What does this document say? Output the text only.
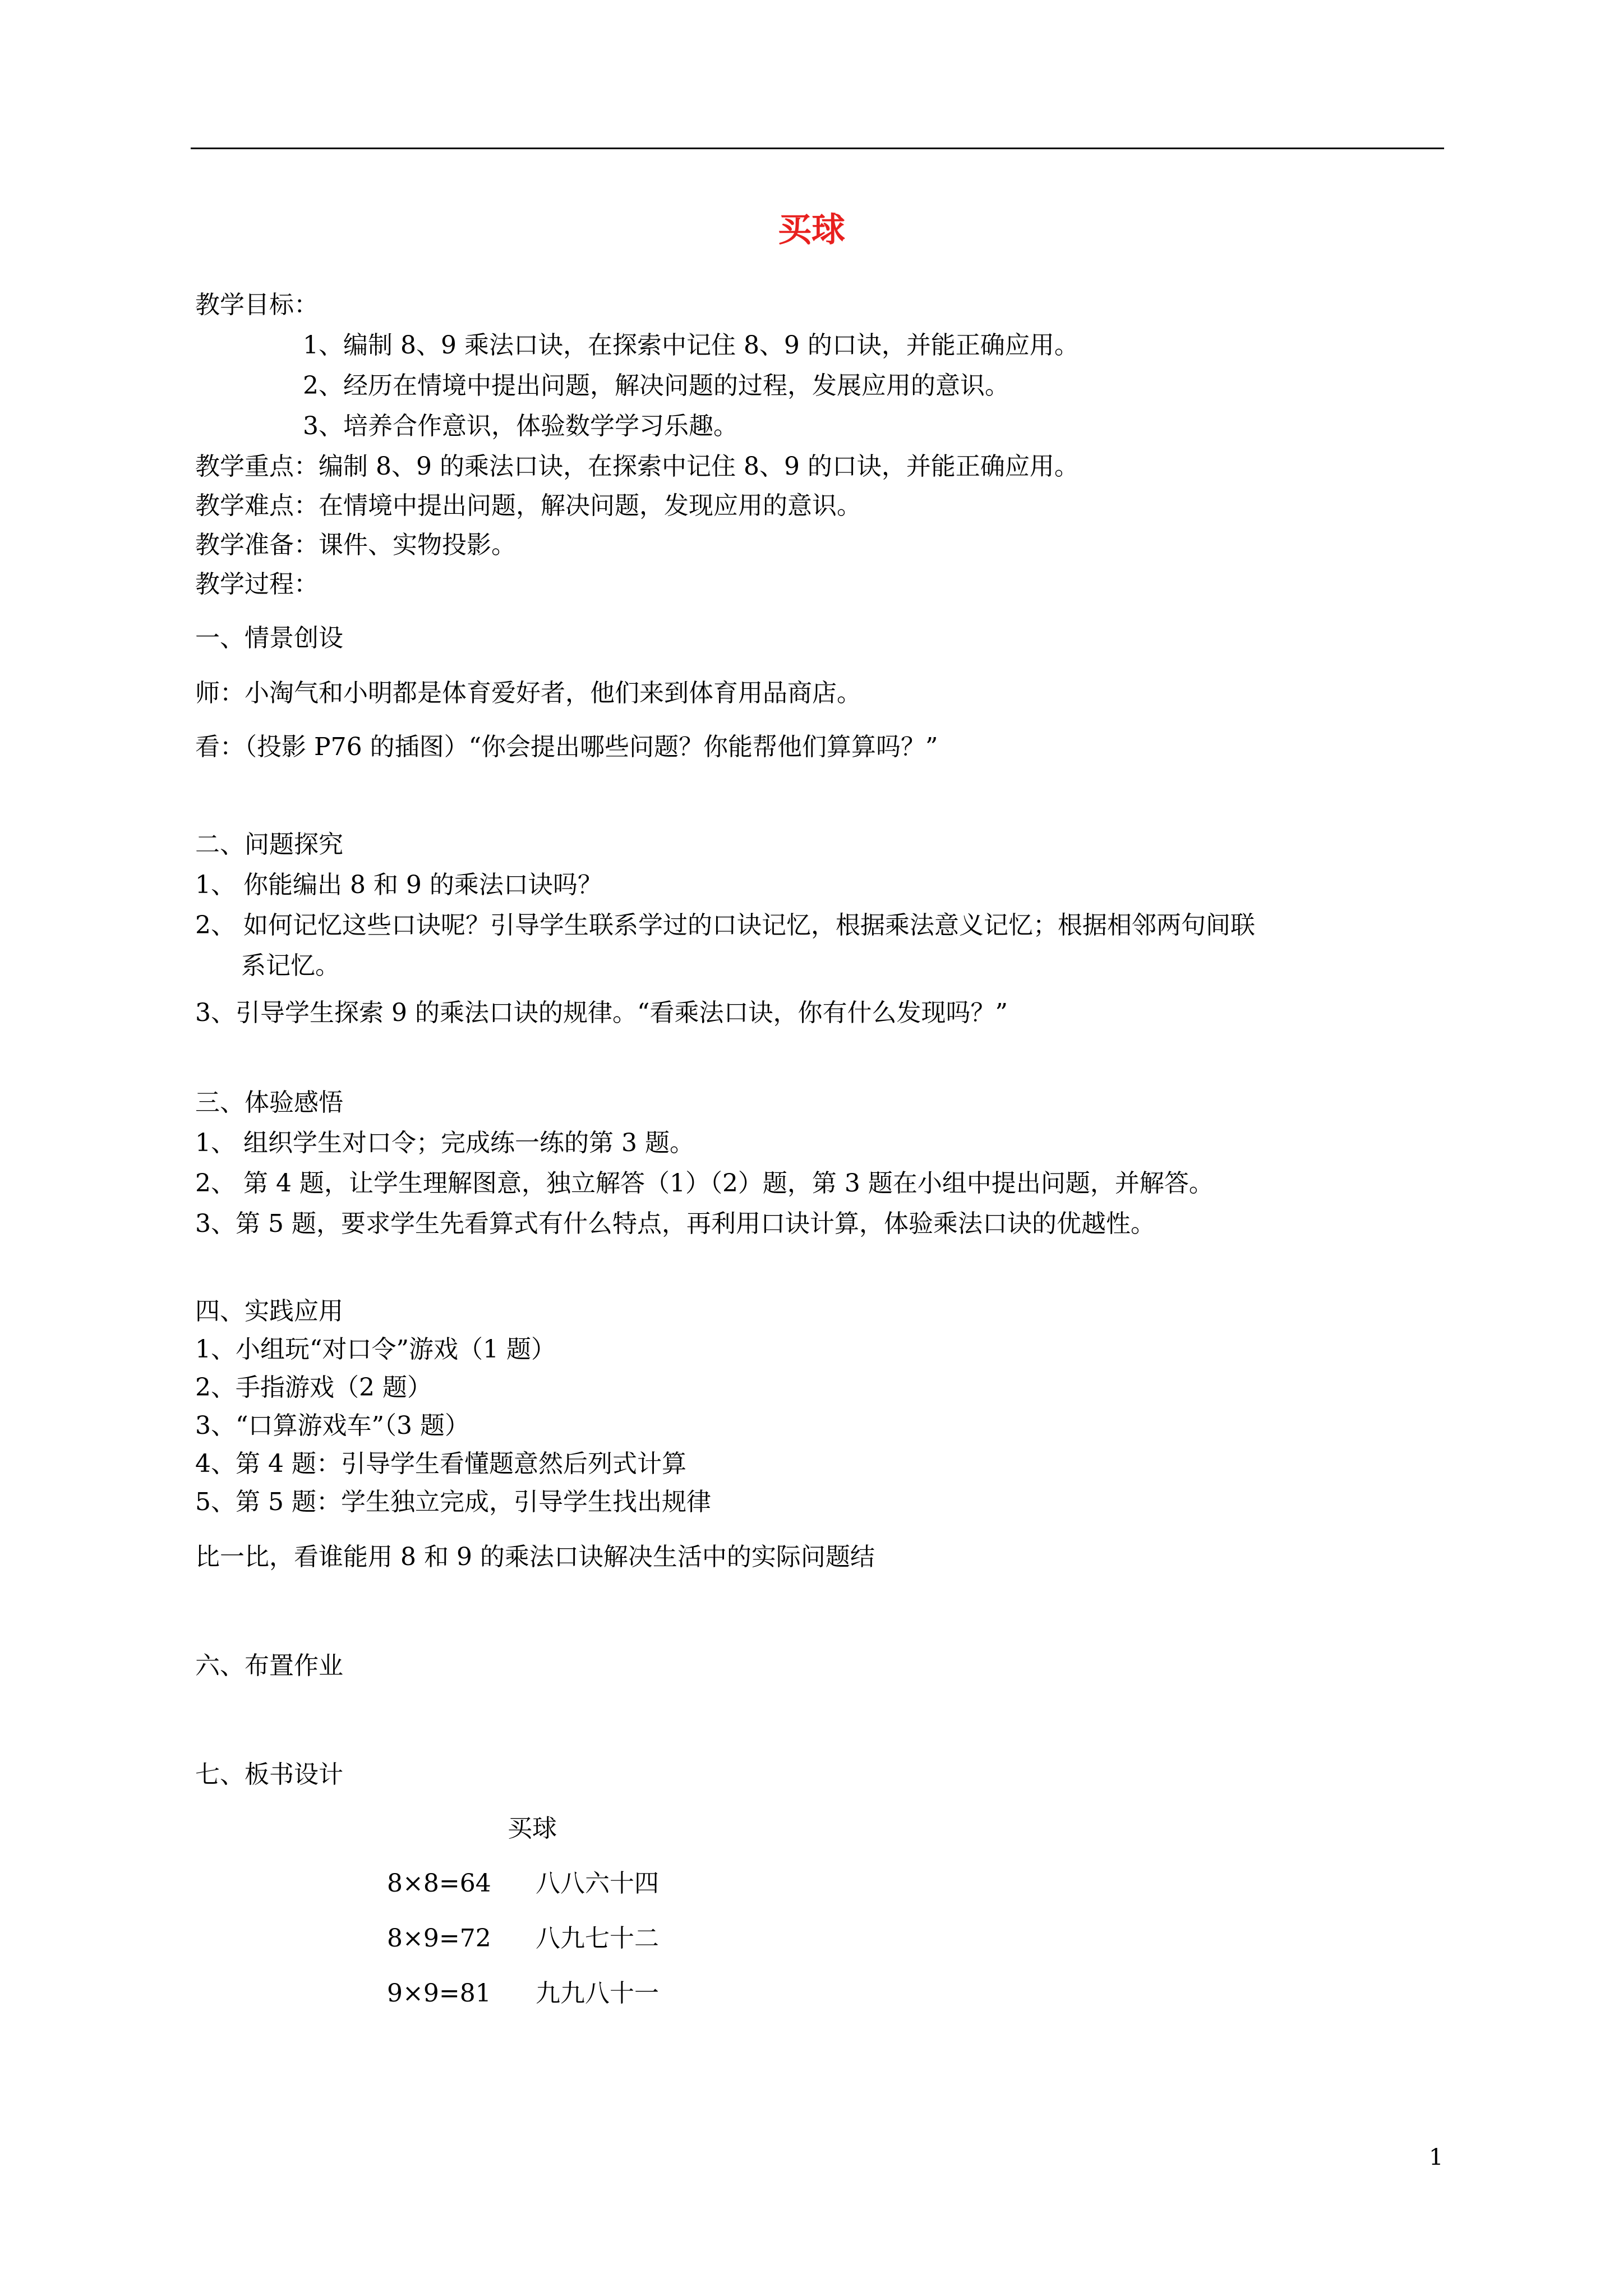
买球
教学目标：
1、编制 8、9 乘法口诀，在探索中记住 8、9 的口诀，并能正确应用。
2、经历在情境中提出问题，解决问题的过程，发展应用的意识。
3、培养合作意识，体验数学学习乐趣。
教学重点：编制 8、9 的乘法口诀，在探索中记住 8、9 的口诀，并能正确应用。
教学难点：在情境中提出问题，解决问题，发现应用的意识。
教学准备：课件、实物投影。
教学过程：
一、情景创设
师：小淘气和小明都是体育爱好者，他们来到体育用品商店。
看：（投影 P76 的插图）“你会提出哪些问题？你能帮他们算算吗？”
二、问题探究
1、 你能编出 8 和 9 的乘法口诀吗？
2、 如何记忆这些口诀呢？引导学生联系学过的口诀记忆，根据乘法意义记忆；根据相邻两句间联
系记忆。
3、引导学生探索 9 的乘法口诀的规律。“看乘法口诀，你有什么发现吗？”
三、体验感悟
1、 组织学生对口令；完成练一练的第 3 题。
2、 第 4 题，让学生理解图意，独立解答（1）（2）题，第 3 题在小组中提出问题，并解答。
3、第 5 题，要求学生先看算式有什么特点，再利用口诀计算，体验乘法口诀的优越性。
四、实践应用
1、小组玩“对口令”游戏（1 题）
2、手指游戏（2 题）
3、“口算游戏车”（3 题）
4、第 4 题：引导学生看懂题意然后列式计算
5、第 5 题：学生独立完成，引导学生找出规律
比一比，看谁能用 8 和 9 的乘法口诀解决生活中的实际问题结
六、布置作业
七、板书设计
买球
8×8=64 八八六十四
8×9=72 八九七十二
9×9=81 九九八十一
1
